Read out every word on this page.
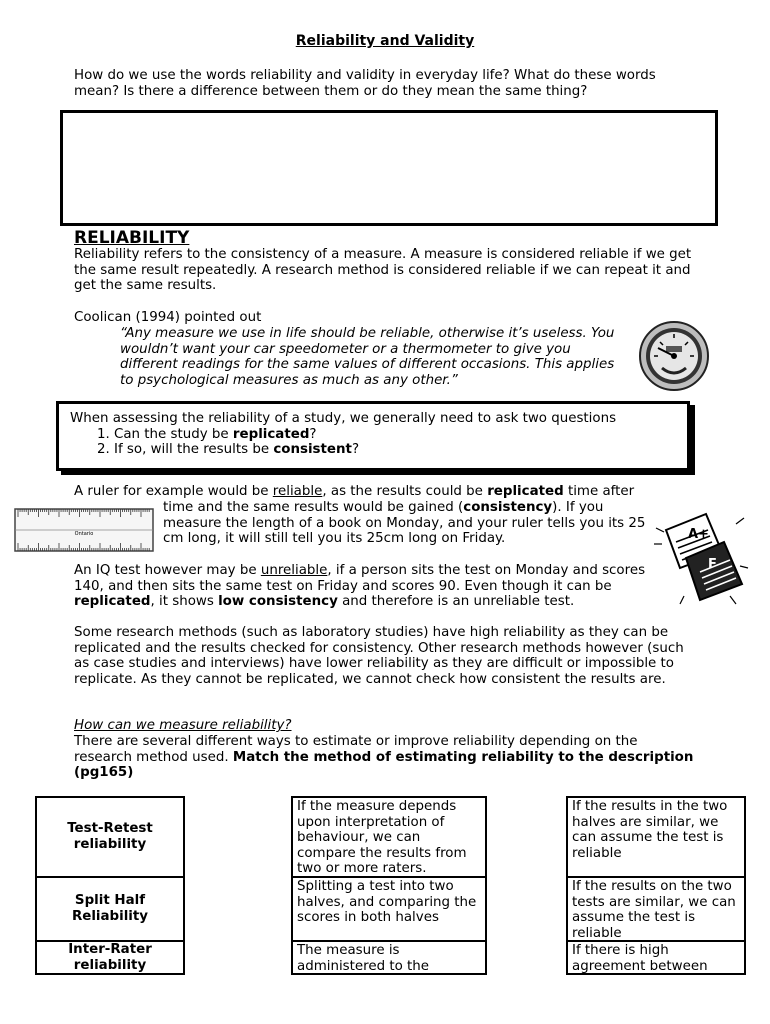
Reliability and Validity
How do we use the words reliability and validity in everyday life? What do these words mean? Is there a difference between them or do they mean the same thing?
RELIABILITY
Reliability refers to the consistency of a measure. A measure is considered reliable if we get the same result repeatedly. A research method is considered reliable if we can repeat it and get the same results.
Coolican (1994) pointed out
“Any measure we use in life should be reliable, otherwise it’s useless. You wouldn’t want your car speedometer or a thermometer to give you different readings for the same values of different occasions. This applies to psychological measures as much as any other.”
When assessing the reliability of a study, we generally need to ask two questions
1. Can the study be replicated?
2. If so, will the results be consistent?
A ruler for example would be reliable, as the results could be replicated time after
time and the same results would be gained (consistency). If you measure the length of a book on Monday, and your ruler tells you its 25 cm long, it will still tell you its 25cm long on Friday.
Ontario	A+
F
An IQ test however may be unreliable, if a person sits the test on Monday and scores 140, and then sits the same test on Friday and scores 90. Even though it can be replicated, it shows low consistency and therefore is an unreliable test.
Some research methods (such as laboratory studies) have high reliability as they can be replicated and the results checked for consistency. Other research methods however (such as case studies and interviews) have lower reliability as they are difficult or impossible to replicate. As they cannot be replicated, we cannot check how consistent the results are.
How can we measure reliability?
There are several different ways to estimate or improve reliability depending on the research method used. Match the method of estimating reliability to the description (pg165)
Test-Retest reliability
Split Half Reliability
Inter-Rater reliability
If the measure depends upon interpretation of behaviour, we can compare the results from two or more raters.
Splitting a test into two halves, and comparing the scores in both halves
The measure is administered to the
If the results in the two halves are similar, we can assume the test is reliable
If the results on the two tests are similar, we can assume the test is reliable
If there is high agreement between
